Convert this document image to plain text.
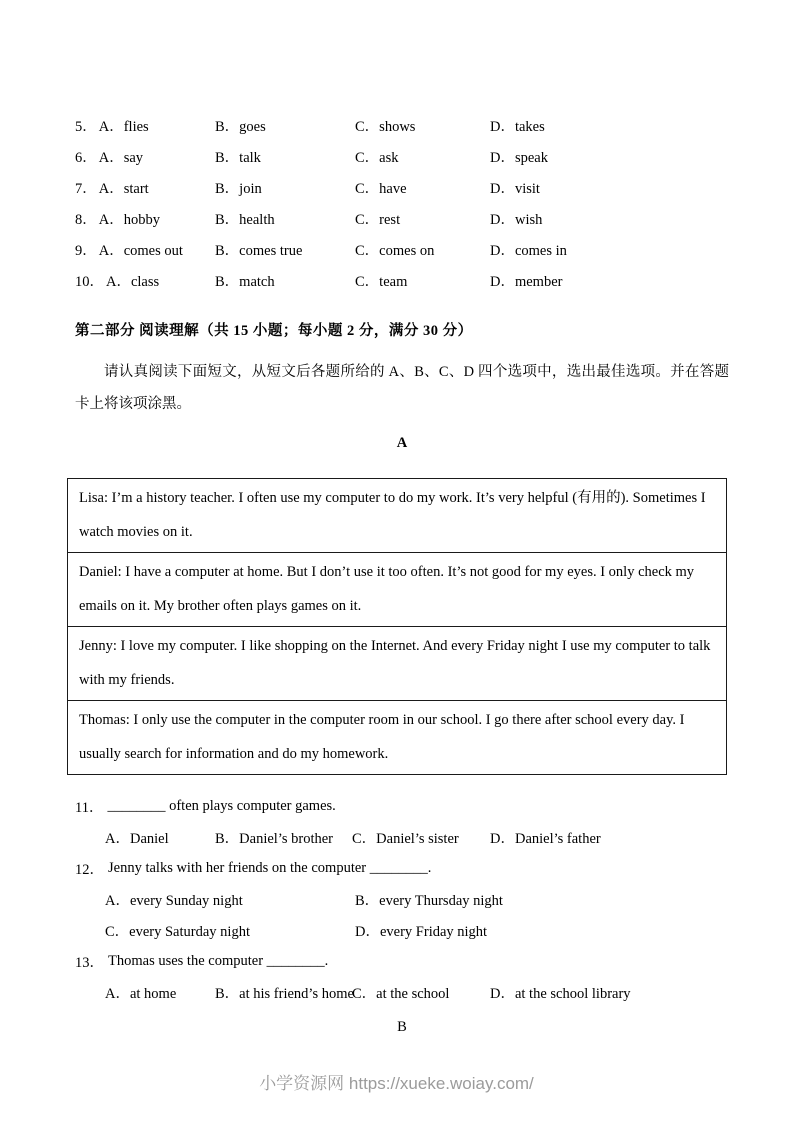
5． A．flies	B．goes	C．shows	D．takes
6． A．say	B．talk	C．ask	D．speak
7． A．start	B．join	C．have	D．visit
8． A．hobby	B．health	C．rest	D．wish
9． A．comes out B．comes true	C．comes on	D．comes in
10． A．class	B．match	C．team	D．member
第二部分 阅读理解（共 15 小题；每小题 2 分，满分 30 分）
请认真阅读下面短文，从短文后各题所给的 A、B、C、D 四个选项中，选出最佳选项。并在答题卡上将该项涂黑。
A
Lisa: I’m a history teacher. I often use my computer to do my work. It’s very helpful (有用的). Sometimes I watch movies on it.
Daniel: I have a computer at home. But I don’t use it too often. It’s not good for my eyes. I only check my emails on it. My brother often plays games on it.
Jenny: I love my computer. I like shopping on the Internet. And every Friday night I use my computer to talk with my friends.
Thomas: I only use the computer in the computer room in our school. I go there after school every day. I usually search for information and do my homework.
11． ________ often plays computer games.
A．Daniel	B．Daniel’s brother	C．Daniel’s sister	D．Daniel’s father
12． Jenny talks with her friends on the computer ________.
A．every Sunday night	B．every Thursday night
C．every Saturday night	D．every Friday night
13． Thomas uses the computer ________.
A．at home	B．at his friend’s home
C．at the school	D．at the school library
B
小学资源网 https://xueke.woiay.com/
